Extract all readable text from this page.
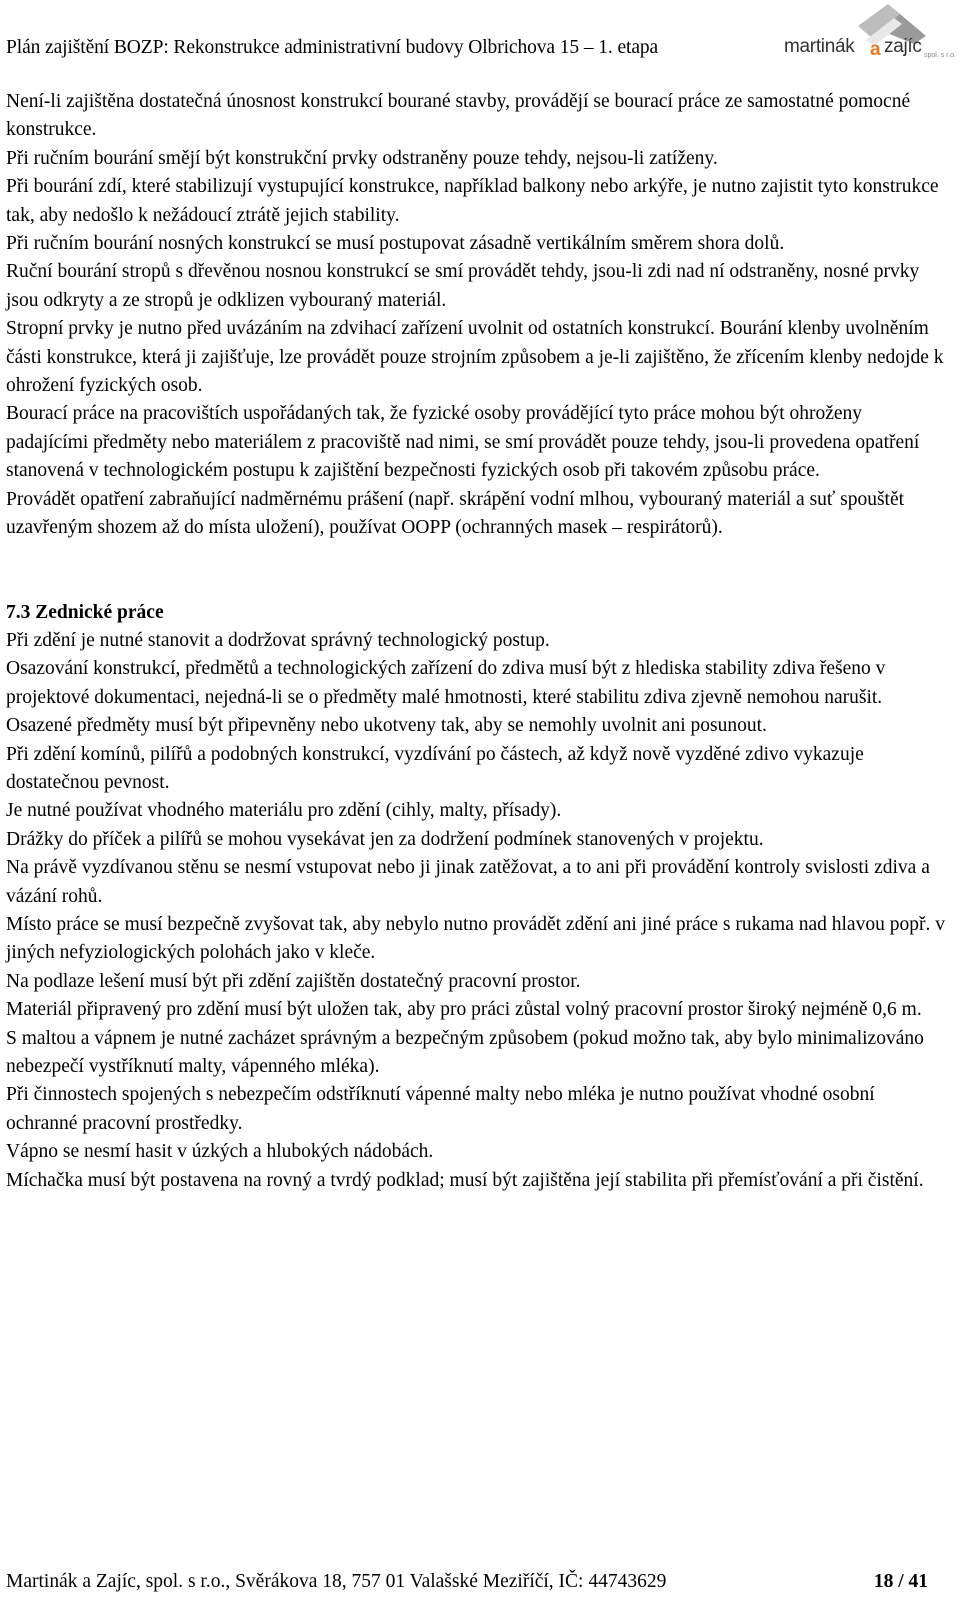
Plán zajištění BOZP: Rekonstrukce administrativní budovy Olbrichova 15 – 1. etapa	martinák a zajíc spol. s r.o.

Není-li zajištěna dostatečná únosnost konstrukcí bourané stavby, provádějí se bourací práce ze samostatné pomocné konstrukce.

Při ručním bourání smějí být konstrukční prvky odstraněny pouze tehdy, nejsou-li zatíženy.

Při bourání zdí, které stabilizují vystupující konstrukce, například balkony nebo arkýře, je nutno zajistit tyto konstrukce tak, aby nedošlo k nežádoucí ztrátě jejich stability.

Při ručním bourání nosných konstrukcí se musí postupovat zásadně vertikálním směrem shora dolů.

Ruční bourání stropů s dřevěnou nosnou konstrukcí se smí provádět tehdy, jsou-li zdi nad ní odstraněny, nosné prvky jsou odkryty a ze stropů je odklizen vybouraný materiál.

Stropní prvky je nutno před uvázáním na zdvihací zařízení uvolnit od ostatních konstrukcí. Bourání klenby uvolněním části konstrukce, která ji zajišťuje, lze provádět pouze strojním způsobem a je-li zajištěno, že zřícením klenby nedojde k ohrožení fyzických osob.

Bourací práce na pracovištích uspořádaných tak, že fyzické osoby provádějící tyto práce mohou být ohroženy padajícími předměty nebo materiálem z pracoviště nad nimi, se smí provádět pouze tehdy, jsou-li provedena opatření stanovená v technologickém postupu k zajištění bezpečnosti fyzických osob při takovém způsobu práce.

Provádět opatření zabraňující nadměrnému prášení (např. skrápění vodní mlhou, vybouraný materiál a suť spouštět uzavřeným shozem až do místa uložení), používat OOPP (ochranných masek – respirátorů).

7.3 Zednické práce

Při zdění je nutné stanovit a dodržovat správný technologický postup.

Osazování konstrukcí, předmětů a technologických zařízení do zdiva musí být z hlediska stability zdiva řešeno v projektové dokumentaci, nejedná-li se o předměty malé hmotnosti, které stabilitu zdiva zjevně nemohou narušit. Osazené předměty musí být připevněny nebo ukotveny tak, aby se nemohly uvolnit ani posunout.

Při zdění komínů, pilířů a podobných konstrukcí, vyzdívání po částech, až když nově vyzděné zdivo vykazuje dostatečnou pevnost.

Je nutné používat vhodného materiálu pro zdění (cihly, malty, přísady).

Drážky do příček a pilířů se mohou vysekávat jen za dodržení podmínek stanovených v projektu.

Na právě vyzdívanou stěnu se nesmí vstupovat nebo ji jinak zatěžovat, a to ani při provádění kontroly svislosti zdiva a vázání rohů.

Místo práce se musí bezpečně zvyšovat tak, aby nebylo nutno provádět zdění ani jiné práce s rukama nad hlavou popř. v jiných nefyziologických polohách jako v kleče.

Na podlaze lešení musí být při zdění zajištěn dostatečný pracovní prostor.

Materiál připravený pro zdění musí být uložen tak, aby pro práci zůstal volný pracovní prostor široký nejméně 0,6 m.

S maltou a vápnem je nutné zacházet správným a bezpečným způsobem (pokud možno tak, aby bylo minimalizováno nebezpečí vystříknutí malty, vápenného mléka).

Při činnostech spojených s nebezpečím odstříknutí vápenné malty nebo mléka je nutno používat vhodné osobní ochranné pracovní prostředky.

Vápno se nesmí hasit v úzkých a hlubokých nádobách.

Míchačka musí být postavena na rovný a tvrdý podklad; musí být zajištěna její stabilita při přemísťování a při čistění.

Martinák a Zajíc, spol. s r.o., Svěrákova 18, 757 01 Valašské Meziříčí, IČ: 44743629	18 / 41
